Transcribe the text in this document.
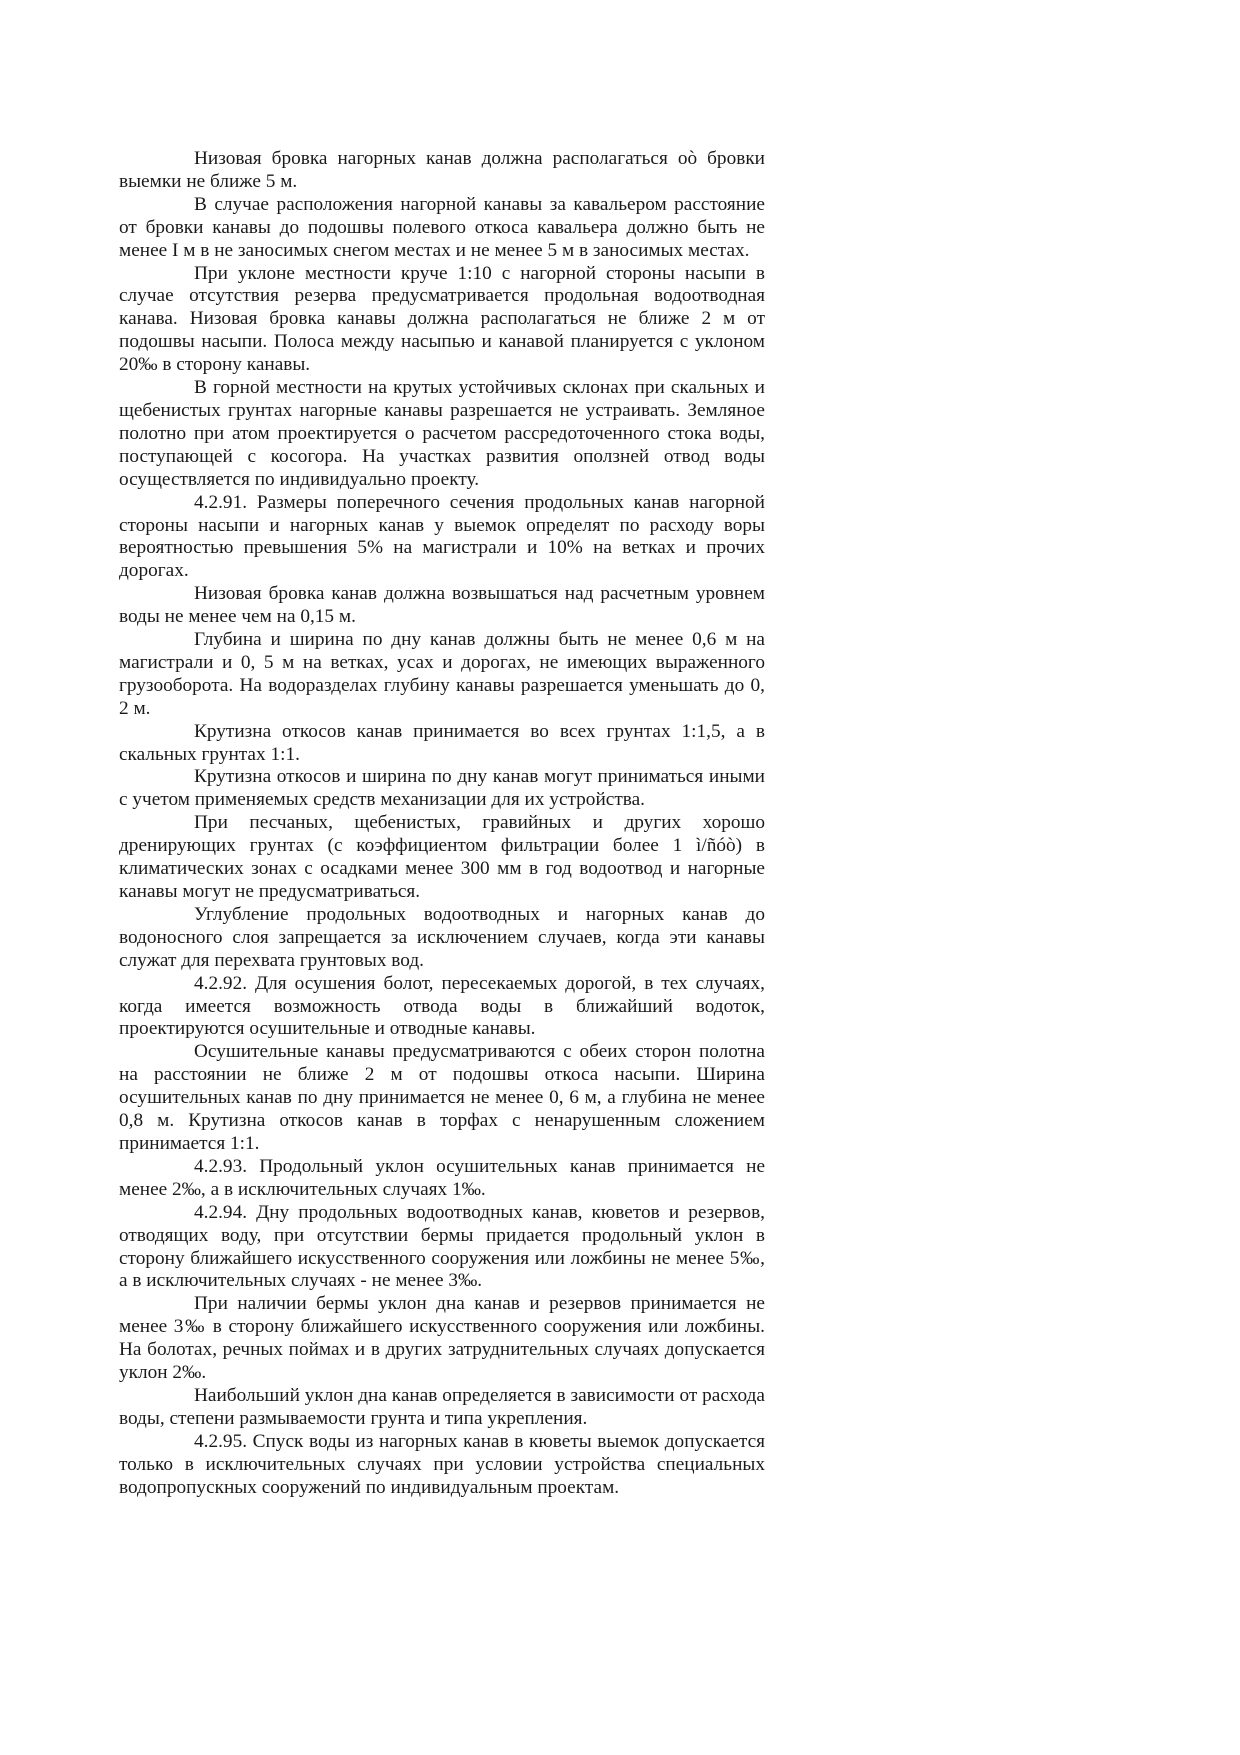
Низовая бровка нагорных канав должна располагаться оò бровки выемки не ближе 5 м.

В случае расположения нагорной канавы за кавальером расстояние от бровки канавы до подошвы полевого откоса кавальера должно быть не менее I м в не заносимых снегом местах и не менее 5 м в заносимых местах.

При уклоне местности круче 1:10 с нагорной стороны насыпи в случае отсутствия резерва предусматривается продольная водоотводная канава. Низовая бровка канавы должна располагаться не ближе 2 м от подошвы насыпи. Полоса между насыпью и канавой планируется с уклоном 20‰ в сторону канавы.

В горной местности на крутых устойчивых склонах при скальных и щебенистых грунтах нагорные канавы разрешается не устраивать. Земляное полотно при атом проектируется о расчетом рассредоточенного стока воды, поступающей с косогора. На участках развития оползней отвод воды осуществляется по индивидуально проекту.

4.2.91. Размеры поперечного сечения продольных канав нагорной стороны насыпи и нагорных канав у выемок определят по расходу воры вероятностью превышения 5% на магистрали и 10% на ветках и прочих дорогах.

Низовая бровка канав должна возвышаться над расчетным уровнем воды не менее чем на 0,15 м.

Глубина и ширина по дну канав должны быть не менее 0,6 м на магистрали и 0, 5 м на ветках, усах и дорогах, не имеющих выраженного грузооборота. На водоразделах глубину канавы разрешается уменьшать до 0, 2 м.

Крутизна откосов канав принимается во всех грунтах 1:1,5, а в скальных грунтах 1:1.

Крутизна откосов и ширина по дну канав могут приниматься иными с учетом применяемых средств механизации для их устройства.

При песчаных, щебенистых, гравийных и других хорошо дренирующих грунтах (с коэффициентом фильтрации более 1 ì/ñóò) в климатических зонах с осадками менее 300 мм в год водоотвод и нагорные канавы могут не предусматриваться.

Углубление продольных водоотводных и нагорных канав до водоносного слоя запрещается за исключением случаев, когда эти канавы служат для перехвата грунтовых вод.

4.2.92. Для осушения болот, пересекаемых дорогой, в тех случаях, когда имеется возможность отвода воды в ближайший водоток, проектируются осушительные и отводные канавы.

Осушительные канавы предусматриваются с обеих сторон полотна на расстоянии не ближе 2 м от подошвы откоса насыпи. Ширина осушительных канав по дну принимается не менее 0, 6 м, а глубина не менее 0,8 м. Крутизна откосов канав в торфах с ненарушенным сложением принимается 1:1.

4.2.93. Продольный уклон осушительных канав принимается не менее 2‰, а в исключительных случаях 1‰.

4.2.94. Дну продольных водоотводных канав, кюветов и резервов, отводящих воду, при отсутствии бермы придается продольный уклон в сторону ближайшего искусственного сооружения или ложбины не менее 5‰, а в исключительных случаях - не менее 3‰.

При наличии бермы уклон дна канав и резервов принимается не менее 3‰ в сторону ближайшего искусственного сооружения или ложбины. На болотах, речных поймах и в других затруднительных случаях допускается уклон 2‰.

Наибольший уклон дна канав определяется в зависимости от расхода воды, степени размываемости грунта и типа укрепления.

4.2.95. Спуск воды из нагорных канав в кюветы выемок допускается только в исключительных случаях при условии устройства специальных водопропускных сооружений по индивидуальным проектам.
